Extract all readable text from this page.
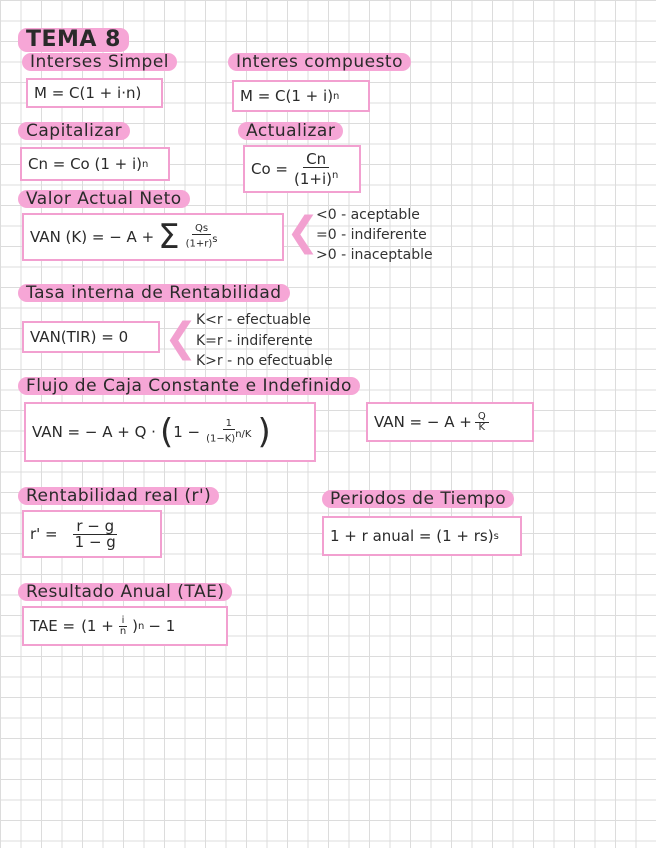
TEMA 8
Interses Simpel
M = C(1 + i·n)
Interes compuesto
M = C(1 + i) n
Capitalizar
Cn = Co (1 + i) n
Actualizar
$Co = \frac{Cn}{(1+i)^n}$
Valor Actual Neto
VAN (K) = − A + Σ $\frac{Qs}{(1+r)^s}$ ❮
<0 - aceptable
=0 - indiferente
>0 - inaceptable
Tasa interna de Rentabilidad
VAN(TIR) = 0 ❮
K<r - efectuable
K=r - indiferente
K>r - no efectuable
Flujo de Caja Constante e Indefinido
VAN = − A + Q · ( $1 - \frac{1}{(1-K)^{n/K}}$ )	VAN = − $A + \frac{Q}{K}$
Rentabilidad real (r')
$r' = \frac{r - g}{1 - g}$
Periodos de Tiempo
1 + r anual = (1 + rs) s
Resultado Anual (TAE)
TAE = ($1 + \frac{i}{n}$ ) n − 1
